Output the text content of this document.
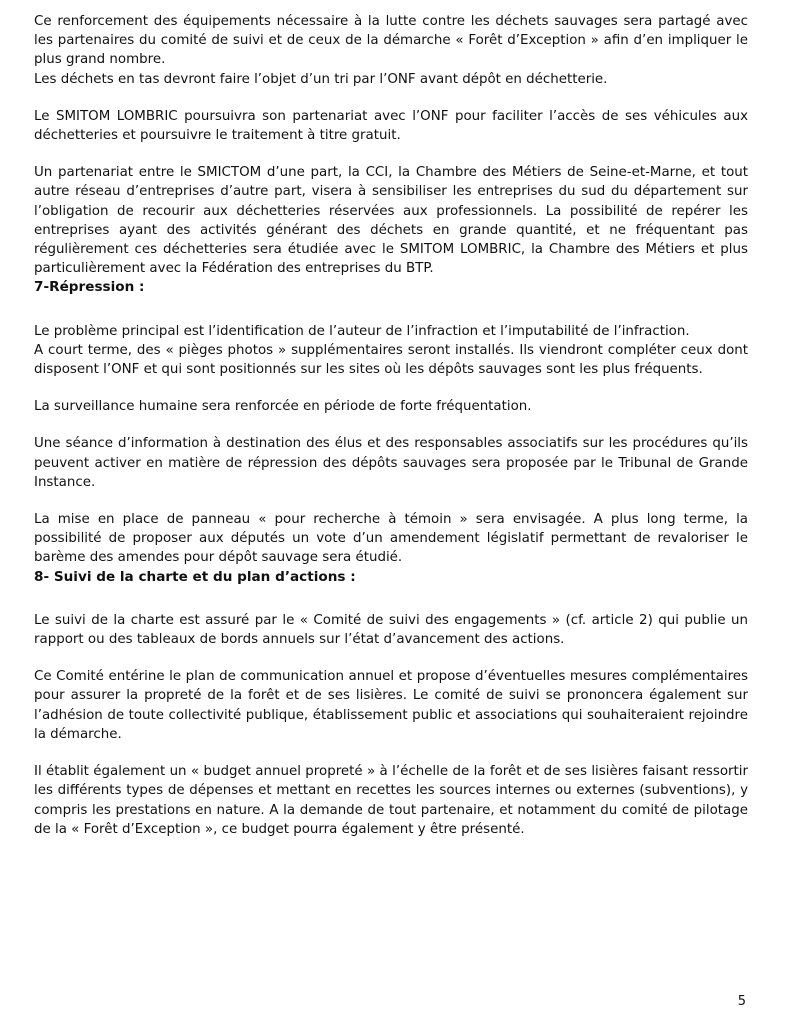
Ce renforcement des équipements nécessaire à la lutte contre les déchets sauvages sera partagé avec les partenaires du comité de suivi et de ceux de la démarche « Forêt d’Exception » afin d’en impliquer le plus grand nombre.
Les déchets en tas devront faire l’objet d’un tri par l’ONF avant dépôt en déchetterie.

Le SMITOM LOMBRIC poursuivra son partenariat avec l’ONF pour faciliter l’accès de ses véhicules aux déchetteries et poursuivre le traitement à titre gratuit.

Un partenariat entre le SMICTOM d’une part, la CCI, la Chambre des Métiers de Seine-et-Marne, et tout autre réseau d’entreprises d’autre part, visera à sensibiliser les entreprises du sud du département sur l’obligation de recourir aux déchetteries réservées aux professionnels. La possibilité de repérer les entreprises ayant des activités générant des déchets en grande quantité, et ne fréquentant pas régulièrement ces déchetteries sera étudiée avec le SMITOM LOMBRIC, la Chambre des Métiers et plus particulièrement avec la Fédération des entreprises du BTP.

7-Répression :

Le problème principal est l’identification de l’auteur de l’infraction et l’imputabilité de l’infraction.
A court terme, des « pièges photos » supplémentaires seront installés. Ils viendront compléter ceux dont disposent l’ONF et qui sont positionnés sur les sites où les dépôts sauvages sont les plus fréquents.

La surveillance humaine sera renforcée en période de forte fréquentation.

Une séance d’information à destination des élus et des responsables associatifs sur les procédures qu’ils peuvent activer en matière de répression des dépôts sauvages sera proposée par le Tribunal de Grande Instance.

La mise en place de panneau « pour recherche à témoin » sera envisagée. A plus long terme, la possibilité de proposer aux députés un vote d’un amendement législatif permettant de revaloriser le barème des amendes pour dépôt sauvage sera étudié.

8- Suivi de la charte et du plan d’actions :

Le suivi de la charte est assuré par le « Comité de suivi des engagements » (cf. article 2) qui publie un rapport ou des tableaux de bords annuels sur l’état d’avancement des actions.

Ce Comité entérine le plan de communication annuel et propose d’éventuelles mesures complémentaires pour assurer la propreté de la forêt et de ses lisières. Le comité de suivi se prononcera également sur l’adhésion de toute collectivité publique, établissement public et associations qui souhaiteraient rejoindre la démarche.

Il établit également un « budget annuel propreté » à l’échelle de la forêt et de ses lisières faisant ressortir les différents types de dépenses et mettant en recettes les sources internes ou externes (subventions), y compris les prestations en nature. A la demande de tout partenaire, et notamment du comité de pilotage de la « Forêt d’Exception », ce budget pourra également y être présenté.

5
